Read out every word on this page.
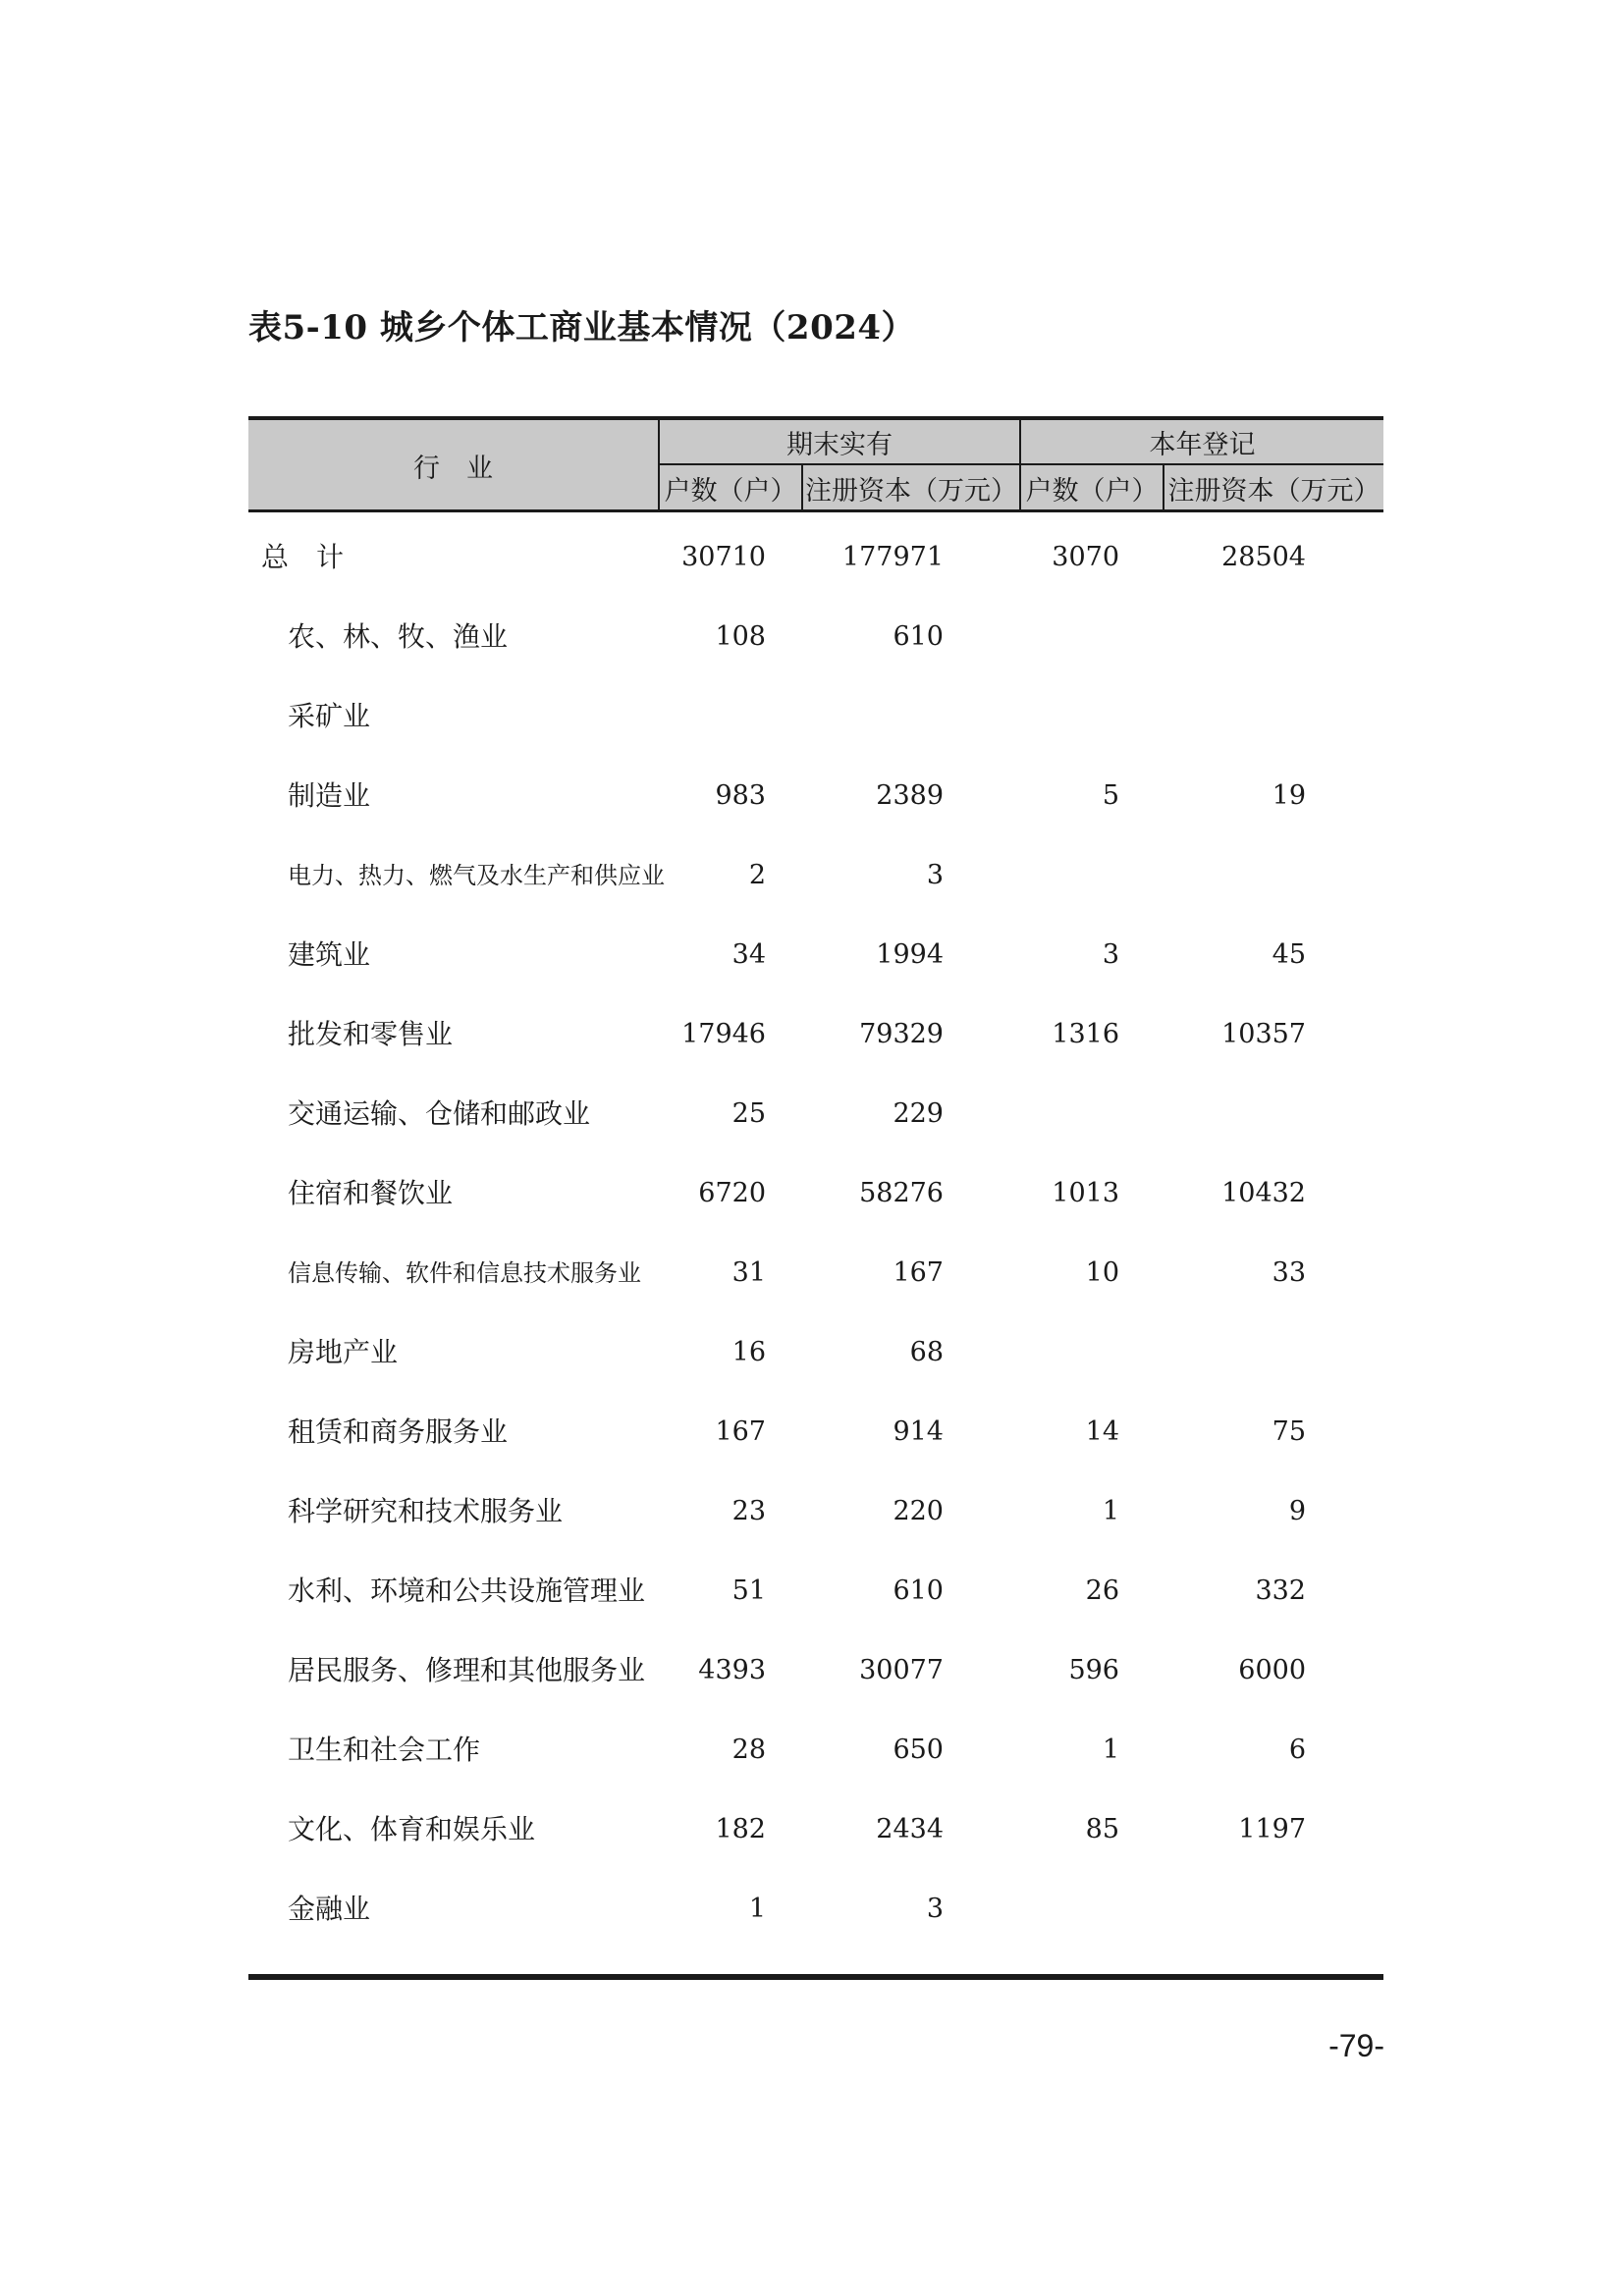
表5-10 城乡个体工商业基本情况（2024）
行　业
期末实有	本年登记
户数（户） 注册资本（万元） 户数（户） 注册资本（万元）
总　计	30710	177971	3070	28504
农、林、牧、渔业	108	610
采矿业
制造业	983	2389	5	19
电力、热力、燃气及水生产和供应业	2	3
建筑业	34	1994	3	45
批发和零售业	17946	79329	1316	10357
交通运输、仓储和邮政业	25	229
住宿和餐饮业	6720	58276	1013	10432
信息传输、软件和信息技术服务业	31	167	10	33
房地产业	16	68
租赁和商务服务业	167	914	14	75
科学研究和技术服务业	23	220	1	9
水利、环境和公共设施管理业	51	610	26	332
居民服务、修理和其他服务业	4393	30077	596	6000
卫生和社会工作	28	650	1	6
文化、体育和娱乐业	182	2434	85	1197
金融业	1	3
-79-
